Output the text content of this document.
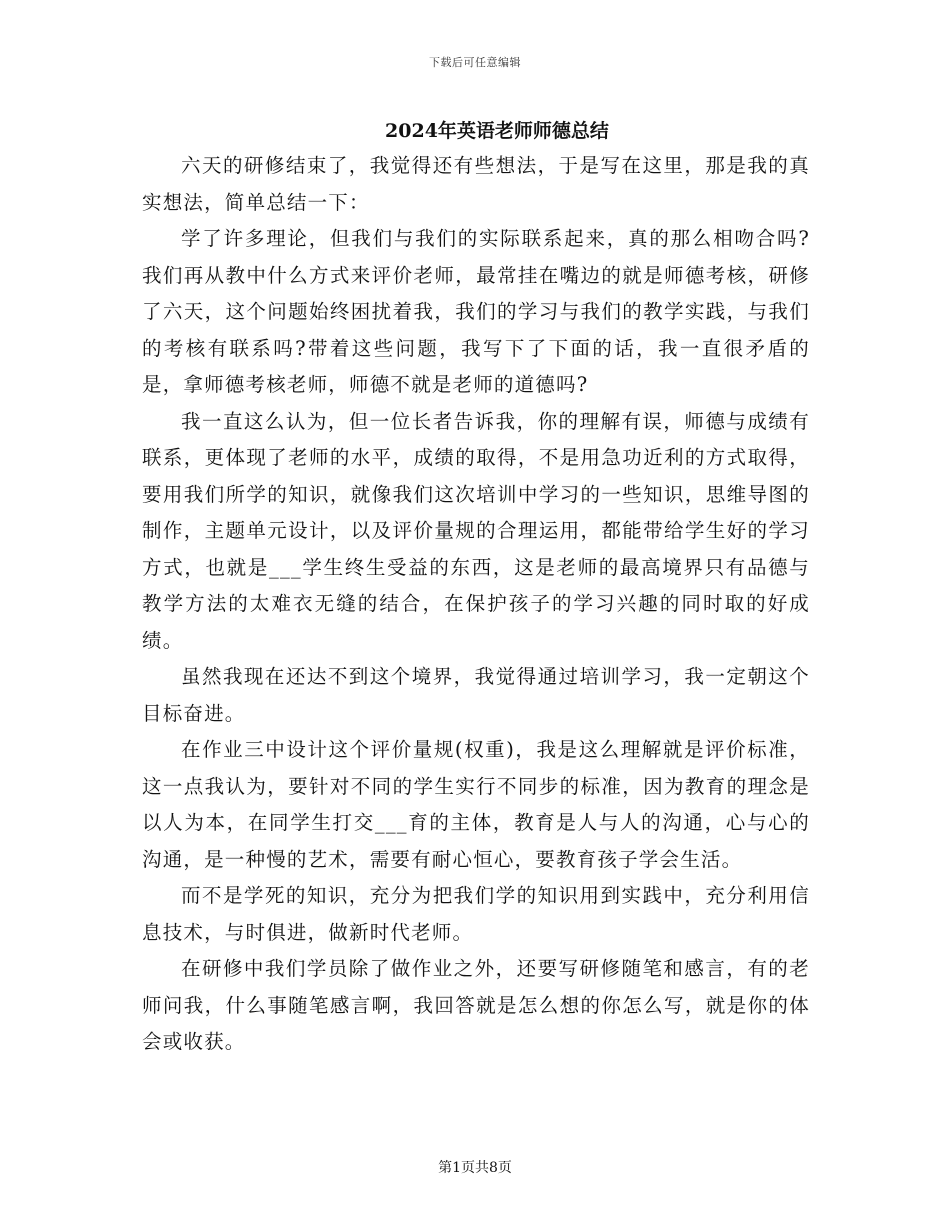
下载后可任意编辑
2024年英语老师师德总结

六天的研修结束了，我觉得还有些想法，于是写在这里，那是我的真实想法，简单总结一下：

学了许多理论，但我们与我们的实际联系起来，真的那么相吻合吗?我们再从教中什么方式来评价老师，最常挂在嘴边的就是师德考核，研修了六天，这个问题始终困扰着我，我们的学习与我们的教学实践，与我们的考核有联系吗?带着这些问题，我写下了下面的话，我一直很矛盾的是，拿师德考核老师，师德不就是老师的道德吗?

我一直这么认为，但一位长者告诉我，你的理解有误，师德与成绩有联系，更体现了老师的水平，成绩的取得，不是用急功近利的方式取得，要用我们所学的知识，就像我们这次培训中学习的一些知识，思维导图的制作，主题单元设计，以及评价量规的合理运用，都能带给学生好的学习方式，也就是___学生终生受益的东西，这是老师的最高境界只有品德与教学方法的太难衣无缝的结合，在保护孩子的学习兴趣的同时取的好成绩。

虽然我现在还达不到这个境界，我觉得通过培训学习，我一定朝这个目标奋进。

在作业三中设计这个评价量规(权重)，我是这么理解就是评价标准，这一点我认为，要针对不同的学生实行不同步的标准，因为教育的理念是以人为本，在同学生打交___育的主体，教育是人与人的沟通，心与心的沟通，是一种慢的艺术，需要有耐心恒心，要教育孩子学会生活。

而不是学死的知识，充分为把我们学的知识用到实践中，充分利用信息技术，与时俱进，做新时代老师。

在研修中我们学员除了做作业之外，还要写研修随笔和感言，有的老师问我，什么事随笔感言啊，我回答就是怎么想的你怎么写，就是你的体会或收获。

第1页共8页
